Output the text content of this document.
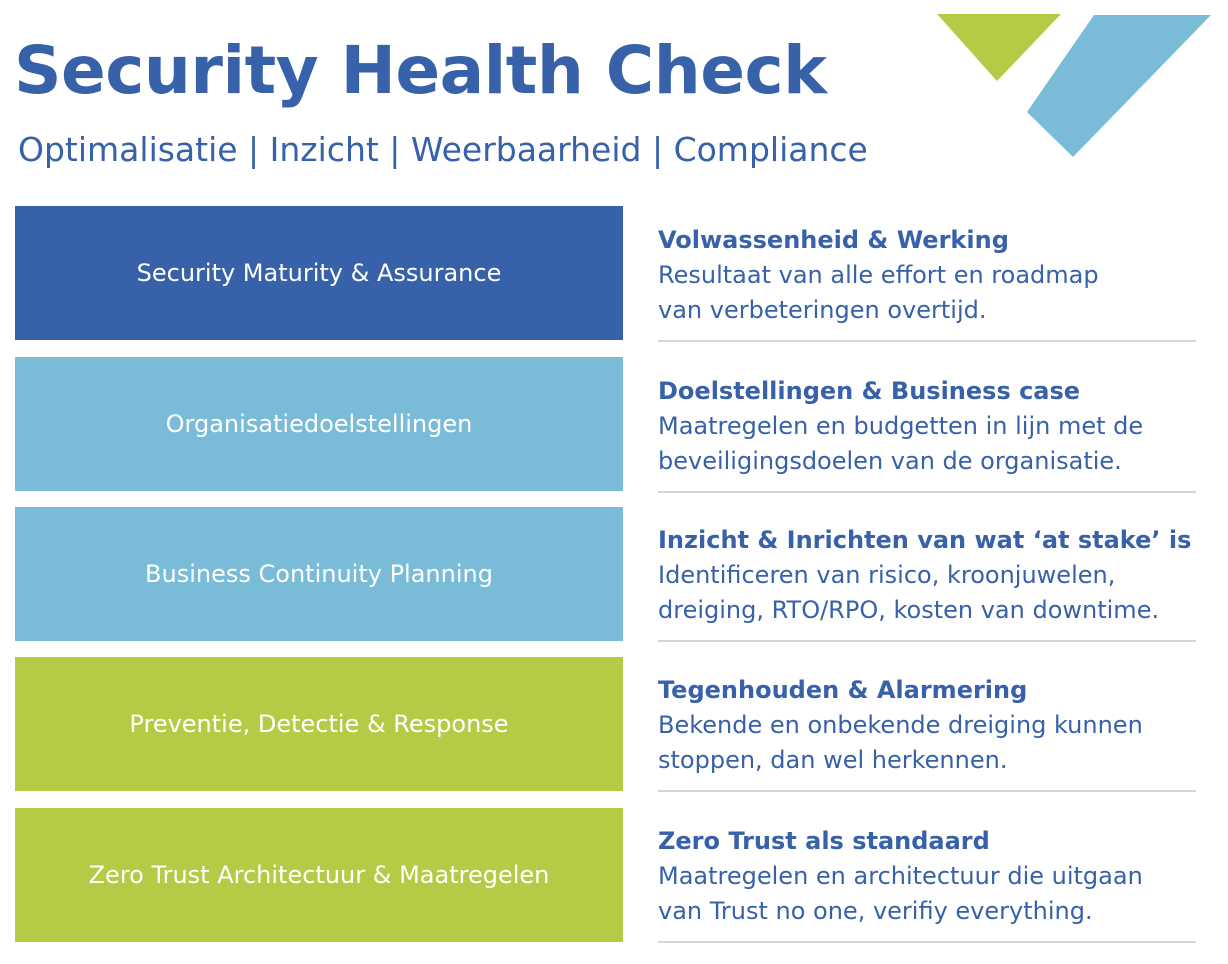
Security Health Check
Optimalisatie | Inzicht | Weerbaarheid | Compliance
Security Maturity & Assurance
Volwassenheid & Werking
Resultaat van alle effort en roadmap
van verbeteringen overtijd.
Organisatiedoelstellingen
Doelstellingen & Business case
Maatregelen en budgetten in lijn met de
beveiligingsdoelen van de organisatie.
Business Continuity Planning
Inzicht & Inrichten van wat ‘at stake’ is
Identificeren van risico, kroonjuwelen,
dreiging, RTO/RPO, kosten van downtime.
Preventie, Detectie & Response
Tegenhouden & Alarmering
Bekende en onbekende dreiging kunnen
stoppen, dan wel herkennen.
Zero Trust Architectuur & Maatregelen
Zero Trust als standaard
Maatregelen en architectuur die uitgaan
van Trust no one, verifiy everything.
